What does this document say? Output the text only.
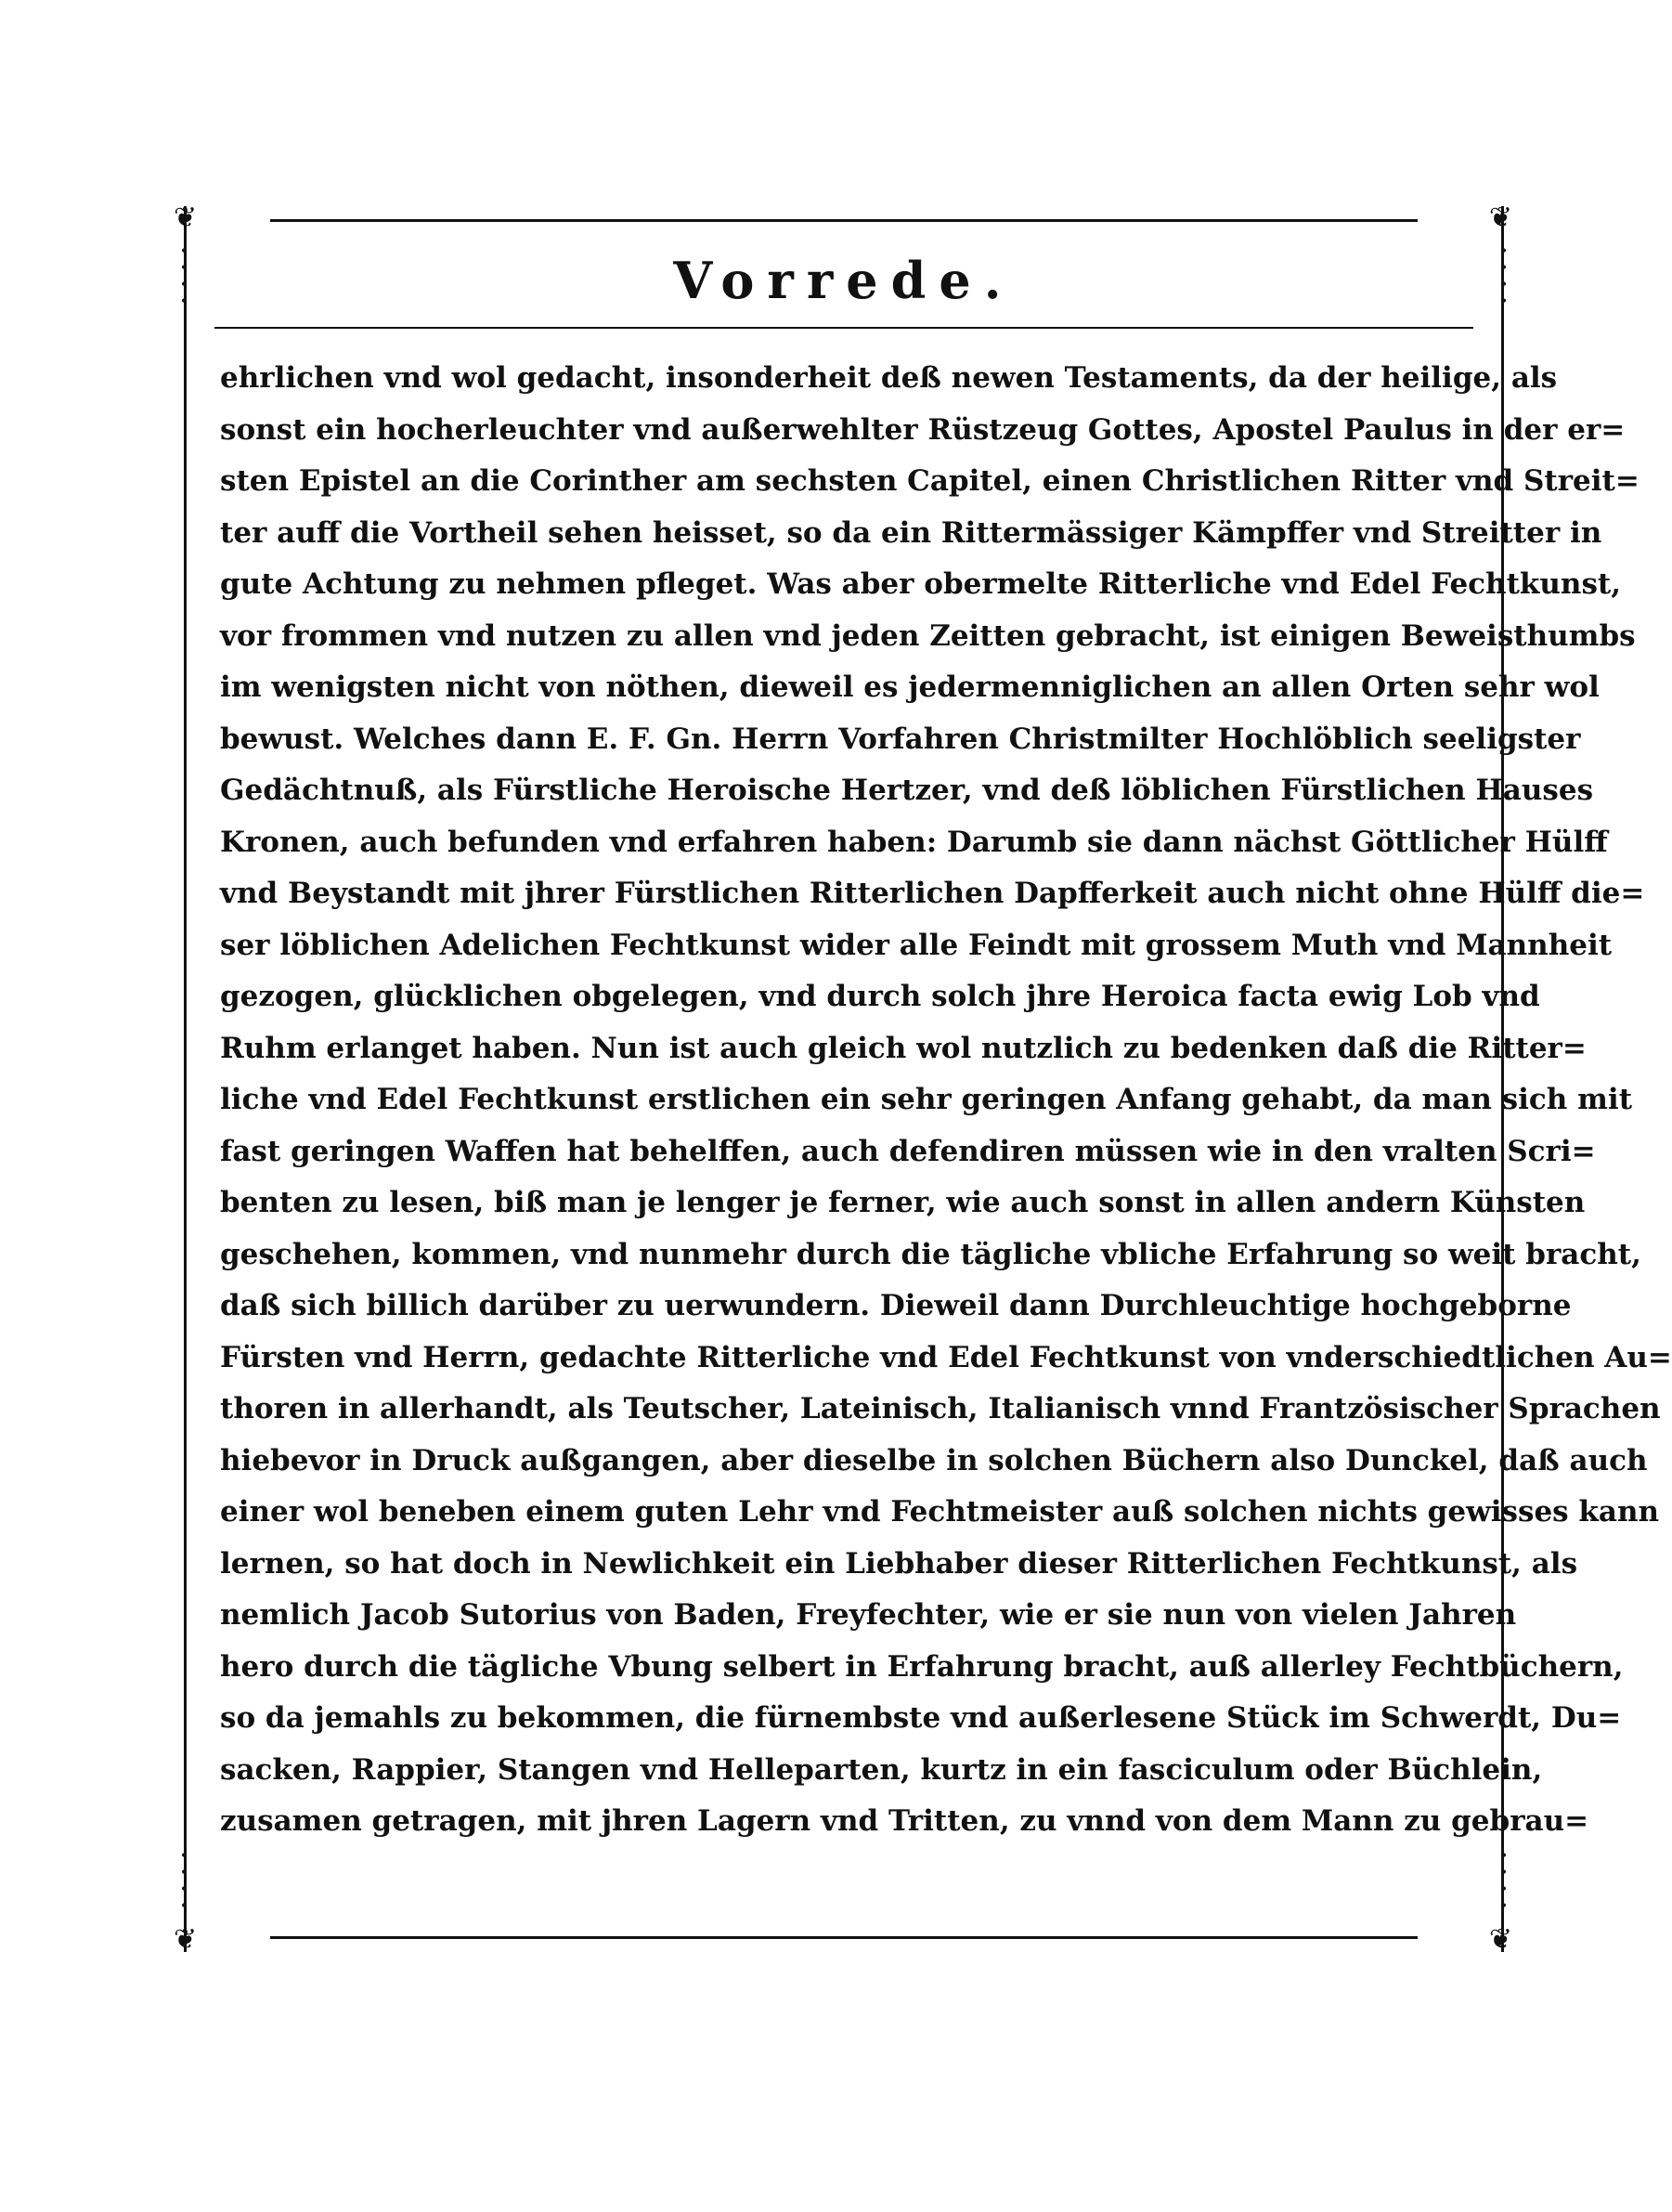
❦	❦
❦	❦
•
•
•
•
•
•
•
•
•
•
•
•
•
•
•
•
Vorrede.
ehrlichen vnd wol gedacht, insonderheit deß newen Testaments, da der heilige, als
sonst ein hocherleuchter vnd außerwehlter Rüstzeug Gottes, Apostel Paulus in der er=
sten Epistel an die Corinther am sechsten Capitel, einen Christlichen Ritter vnd Streit=
ter auff die Vortheil sehen heisset, so da ein Rittermässiger Kämpffer vnd Streitter in
gute Achtung zu nehmen pfleget. Was aber obermelte Ritterliche vnd Edel Fechtkunst,
vor frommen vnd nutzen zu allen vnd jeden Zeitten gebracht, ist einigen Beweisthumbs
im wenigsten nicht von nöthen, dieweil es jedermenniglichen an allen Orten sehr wol
bewust. Welches dann E. F. Gn. Herrn Vorfahren Christmilter Hochlöblich seeligster
Gedächtnuß, als Fürstliche Heroische Hertzer, vnd deß löblichen Fürstlichen Hauses
Kronen, auch befunden vnd erfahren haben: Darumb sie dann nächst Göttlicher Hülff
vnd Beystandt mit jhrer Fürstlichen Ritterlichen Dapfferkeit auch nicht ohne Hülff die=
ser löblichen Adelichen Fechtkunst wider alle Feindt mit grossem Muth vnd Mannheit
gezogen, glücklichen obgelegen, vnd durch solch jhre Heroica facta ewig Lob vnd
Ruhm erlanget haben. Nun ist auch gleich wol nutzlich zu bedenken daß die Ritter=
liche vnd Edel Fechtkunst erstlichen ein sehr geringen Anfang gehabt, da man sich mit
fast geringen Waffen hat behelffen, auch defendiren müssen wie in den vralten Scri=
benten zu lesen, biß man je lenger je ferner, wie auch sonst in allen andern Künsten
geschehen, kommen, vnd nunmehr durch die tägliche vbliche Erfahrung so weit bracht,
daß sich billich darüber zu uerwundern. Dieweil dann Durchleuchtige hochgeborne
Fürsten vnd Herrn, gedachte Ritterliche vnd Edel Fechtkunst von vnderschiedtlichen Au=
thoren in allerhandt, als Teutscher, Lateinisch, Italianisch vnnd Frantzösischer Sprachen
hiebevor in Druck außgangen, aber dieselbe in solchen Büchern also Dunckel, daß auch
einer wol beneben einem guten Lehr vnd Fechtmeister auß solchen nichts gewisses kann
lernen, so hat doch in Newlichkeit ein Liebhaber dieser Ritterlichen Fechtkunst, als
nemlich Jacob Sutorius von Baden, Freyfechter, wie er sie nun von vielen Jahren
hero durch die tägliche Vbung selbert in Erfahrung bracht, auß allerley Fechtbüchern,
so da jemahls zu bekommen, die fürnembste vnd außerlesene Stück im Schwerdt, Du=
sacken, Rappier, Stangen vnd Helleparten, kurtz in ein fasciculum oder Büchlein,
zusamen getragen, mit jhren Lagern vnd Tritten, zu vnnd von dem Mann zu gebrau=
